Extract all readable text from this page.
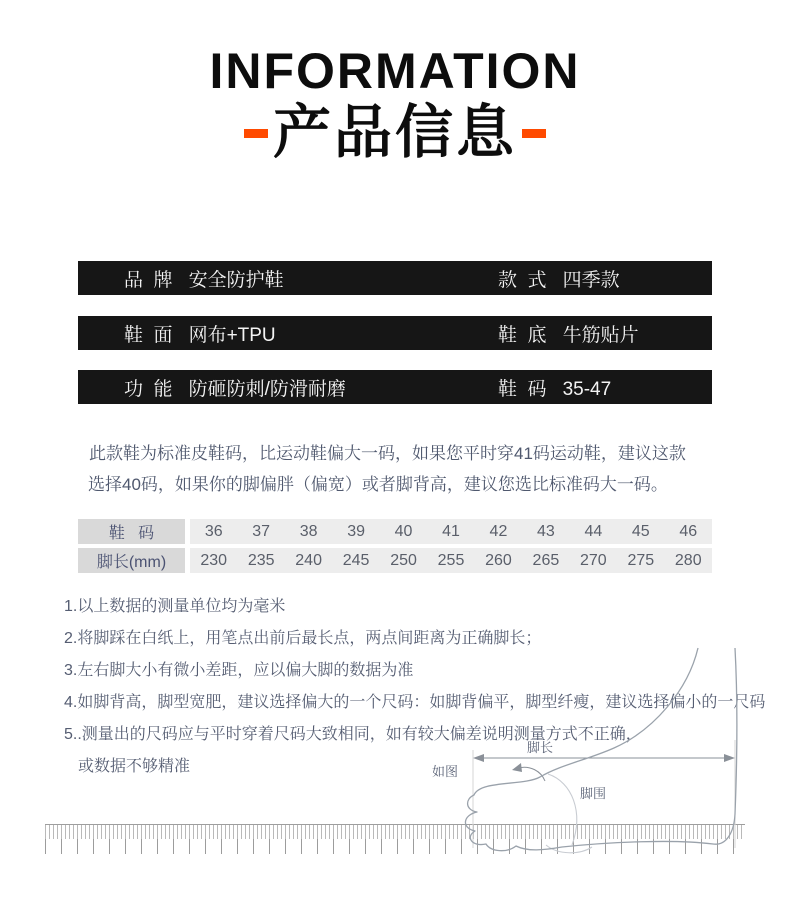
INFORMATION
产品信息
品  牌 安全防护鞋	款  式 四季款
鞋  面 网布+TPU	鞋  底 牛筋贴片
功  能 防砸防刺/防滑耐磨	鞋  码 35-47
此款鞋为标准皮鞋码，比运动鞋偏大一码，如果您平时穿41码运动鞋，建议这款
选择40码，如果你的脚偏胖（偏宽）或者脚背高，建议您选比标准码大一码。
鞋   码	36	37	38	39	40	41	42	43	44	45	46
脚长(mm)	230	235	240	245	250	255	260	265	270	275	280
1.以上数据的测量单位均为毫米
2.将脚踩在白纸上，用笔点出前后最长点，两点间距离为正确脚长；
3.左右脚大小有微小差距，应以偏大脚的数据为准
4.如脚背高，脚型宽肥，建议选择偏大的一个尺码：如脚背偏平，脚型纤瘦，建议选择偏小的一尺码
5..测量出的尺码应与平时穿着尺码大致相同，如有较大偏差说明测量方式不正确，
或数据不够精准
脚长
如图
脚围
